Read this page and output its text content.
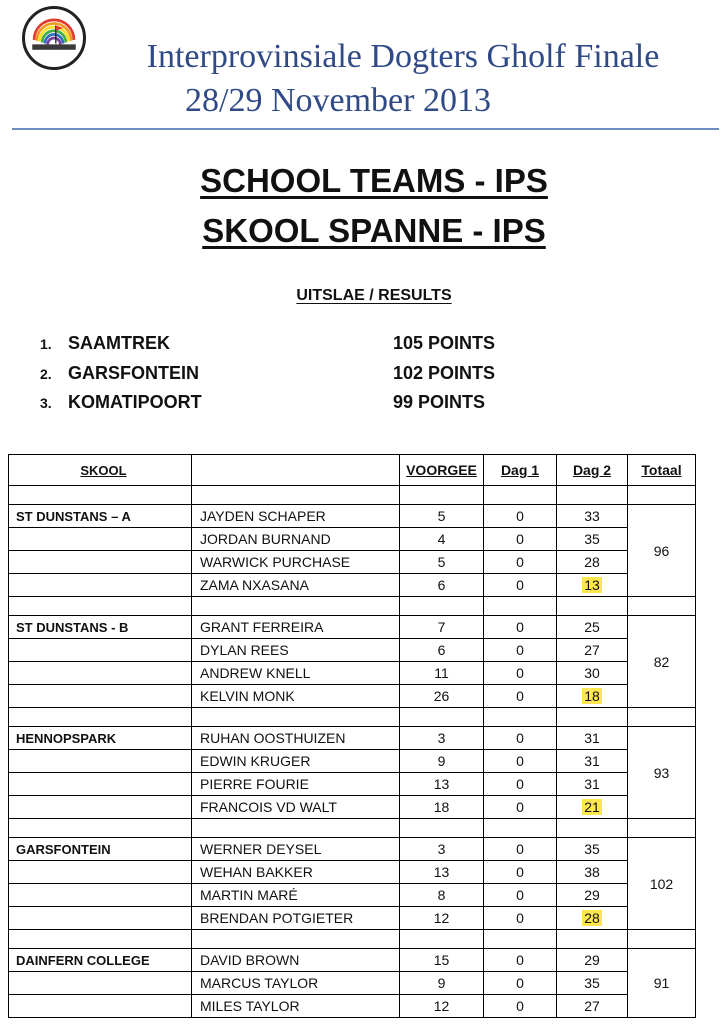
Interprovinsiale Dogters Gholf Finale
28/29 November 2013
SCHOOL TEAMS - IPS
SKOOL SPANNE - IPS
UITSLAE / RESULTS
1. SAAMTREK	105 POINTS
2. GARSFONTEIN	102 POINTS
3. KOMATIPOORT	99 POINTS
SKOOL		VOORGEE	Dag 1	Dag 2	Totaal

ST DUNSTANS – A	JAYDEN SCHAPER	5	0	33	96
	JORDAN BURNAND	4	0	35	
	WARWICK PURCHASE	5	0	28	
	ZAMA NXASANA	6	0	13	

ST DUNSTANS - B	GRANT FERREIRA	7	0	25	82
	DYLAN REES	6	0	27	
	ANDREW KNELL	11	0	30	
	KELVIN MONK	26	0	18	

HENNOPSPARK	RUHAN OOSTHUIZEN	3	0	31	93
	EDWIN KRUGER	9	0	31	
	PIERRE FOURIE	13	0	31	
	FRANCOIS VD WALT	18	0	21	

GARSFONTEIN	WERNER DEYSEL	3	0	35	102
	WEHAN BAKKER	13	0	38	
	MARTIN MARÉ	8	0	29	
	BRENDAN POTGIETER	12	0	28	

DAINFERN COLLEGE	DAVID BROWN	15	0	29	91
	MARCUS TAYLOR	9	0	35	
	MILES TAYLOR	12	0	27	
